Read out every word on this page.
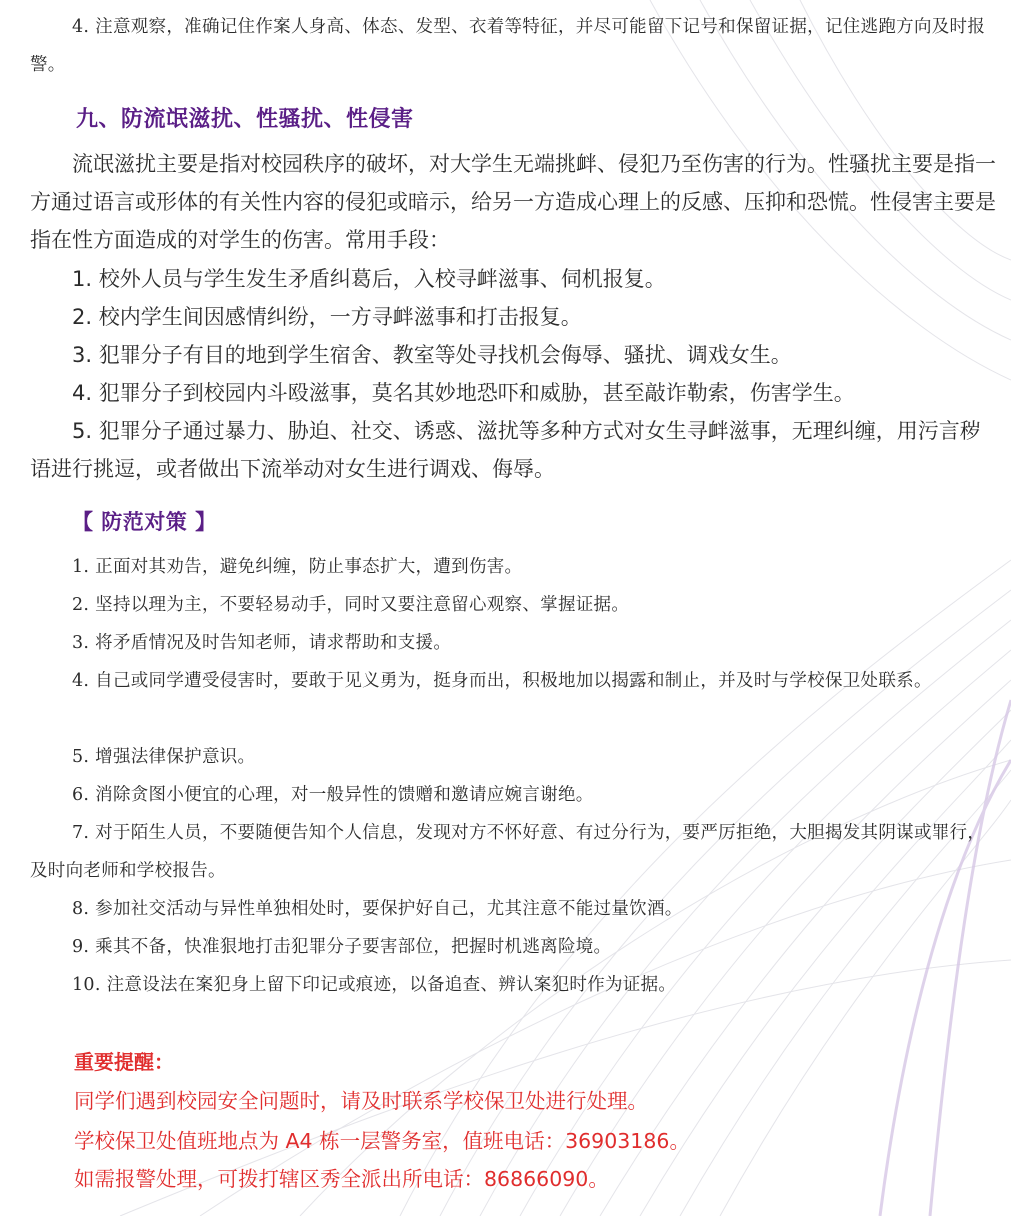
4. 注意观察，准确记住作案人身高、体态、发型、衣着等特征，并尽可能留下记号和保留证据，记住逃跑方向及时报警。

九、防流氓滋扰、性骚扰、性侵害

流氓滋扰主要是指对校园秩序的破坏，对大学生无端挑衅、侵犯乃至伤害的行为。性骚扰主要是指一方通过语言或形体的有关性内容的侵犯或暗示，给另一方造成心理上的反感、压抑和恐慌。性侵害主要是指在性方面造成的对学生的伤害。常用手段：

1. 校外人员与学生发生矛盾纠葛后，入校寻衅滋事、伺机报复。

2. 校内学生间因感情纠纷，一方寻衅滋事和打击报复。

3. 犯罪分子有目的地到学生宿舍、教室等处寻找机会侮辱、骚扰、调戏女生。

4. 犯罪分子到校园内斗殴滋事，莫名其妙地恐吓和威胁，甚至敲诈勒索，伤害学生。

5. 犯罪分子通过暴力、胁迫、社交、诱惑、滋扰等多种方式对女生寻衅滋事，无理纠缠，用污言秽语进行挑逗，或者做出下流举动对女生进行调戏、侮辱。

【 防范对策 】

1. 正面对其劝告，避免纠缠，防止事态扩大，遭到伤害。

2. 坚持以理为主，不要轻易动手，同时又要注意留心观察、掌握证据。

3. 将矛盾情况及时告知老师，请求帮助和支援。

4. 自己或同学遭受侵害时，要敢于见义勇为，挺身而出，积极地加以揭露和制止，并及时与学校保卫处联系。

5. 增强法律保护意识。

6. 消除贪图小便宜的心理，对一般异性的馈赠和邀请应婉言谢绝。

7. 对于陌生人员，不要随便告知个人信息，发现对方不怀好意、有过分行为，要严厉拒绝，大胆揭发其阴谋或罪行，及时向老师和学校报告。

8. 参加社交活动与异性单独相处时，要保护好自己，尤其注意不能过量饮酒。

9. 乘其不备，快准狠地打击犯罪分子要害部位，把握时机逃离险境。

10. 注意设法在案犯身上留下印记或痕迹，以备追查、辨认案犯时作为证据。

重要提醒：

同学们遇到校园安全问题时，请及时联系学校保卫处进行处理。

学校保卫处值班地点为 A4 栋一层警务室，值班电话：36903186。

如需报警处理，可拨打辖区秀全派出所电话：86866090。
